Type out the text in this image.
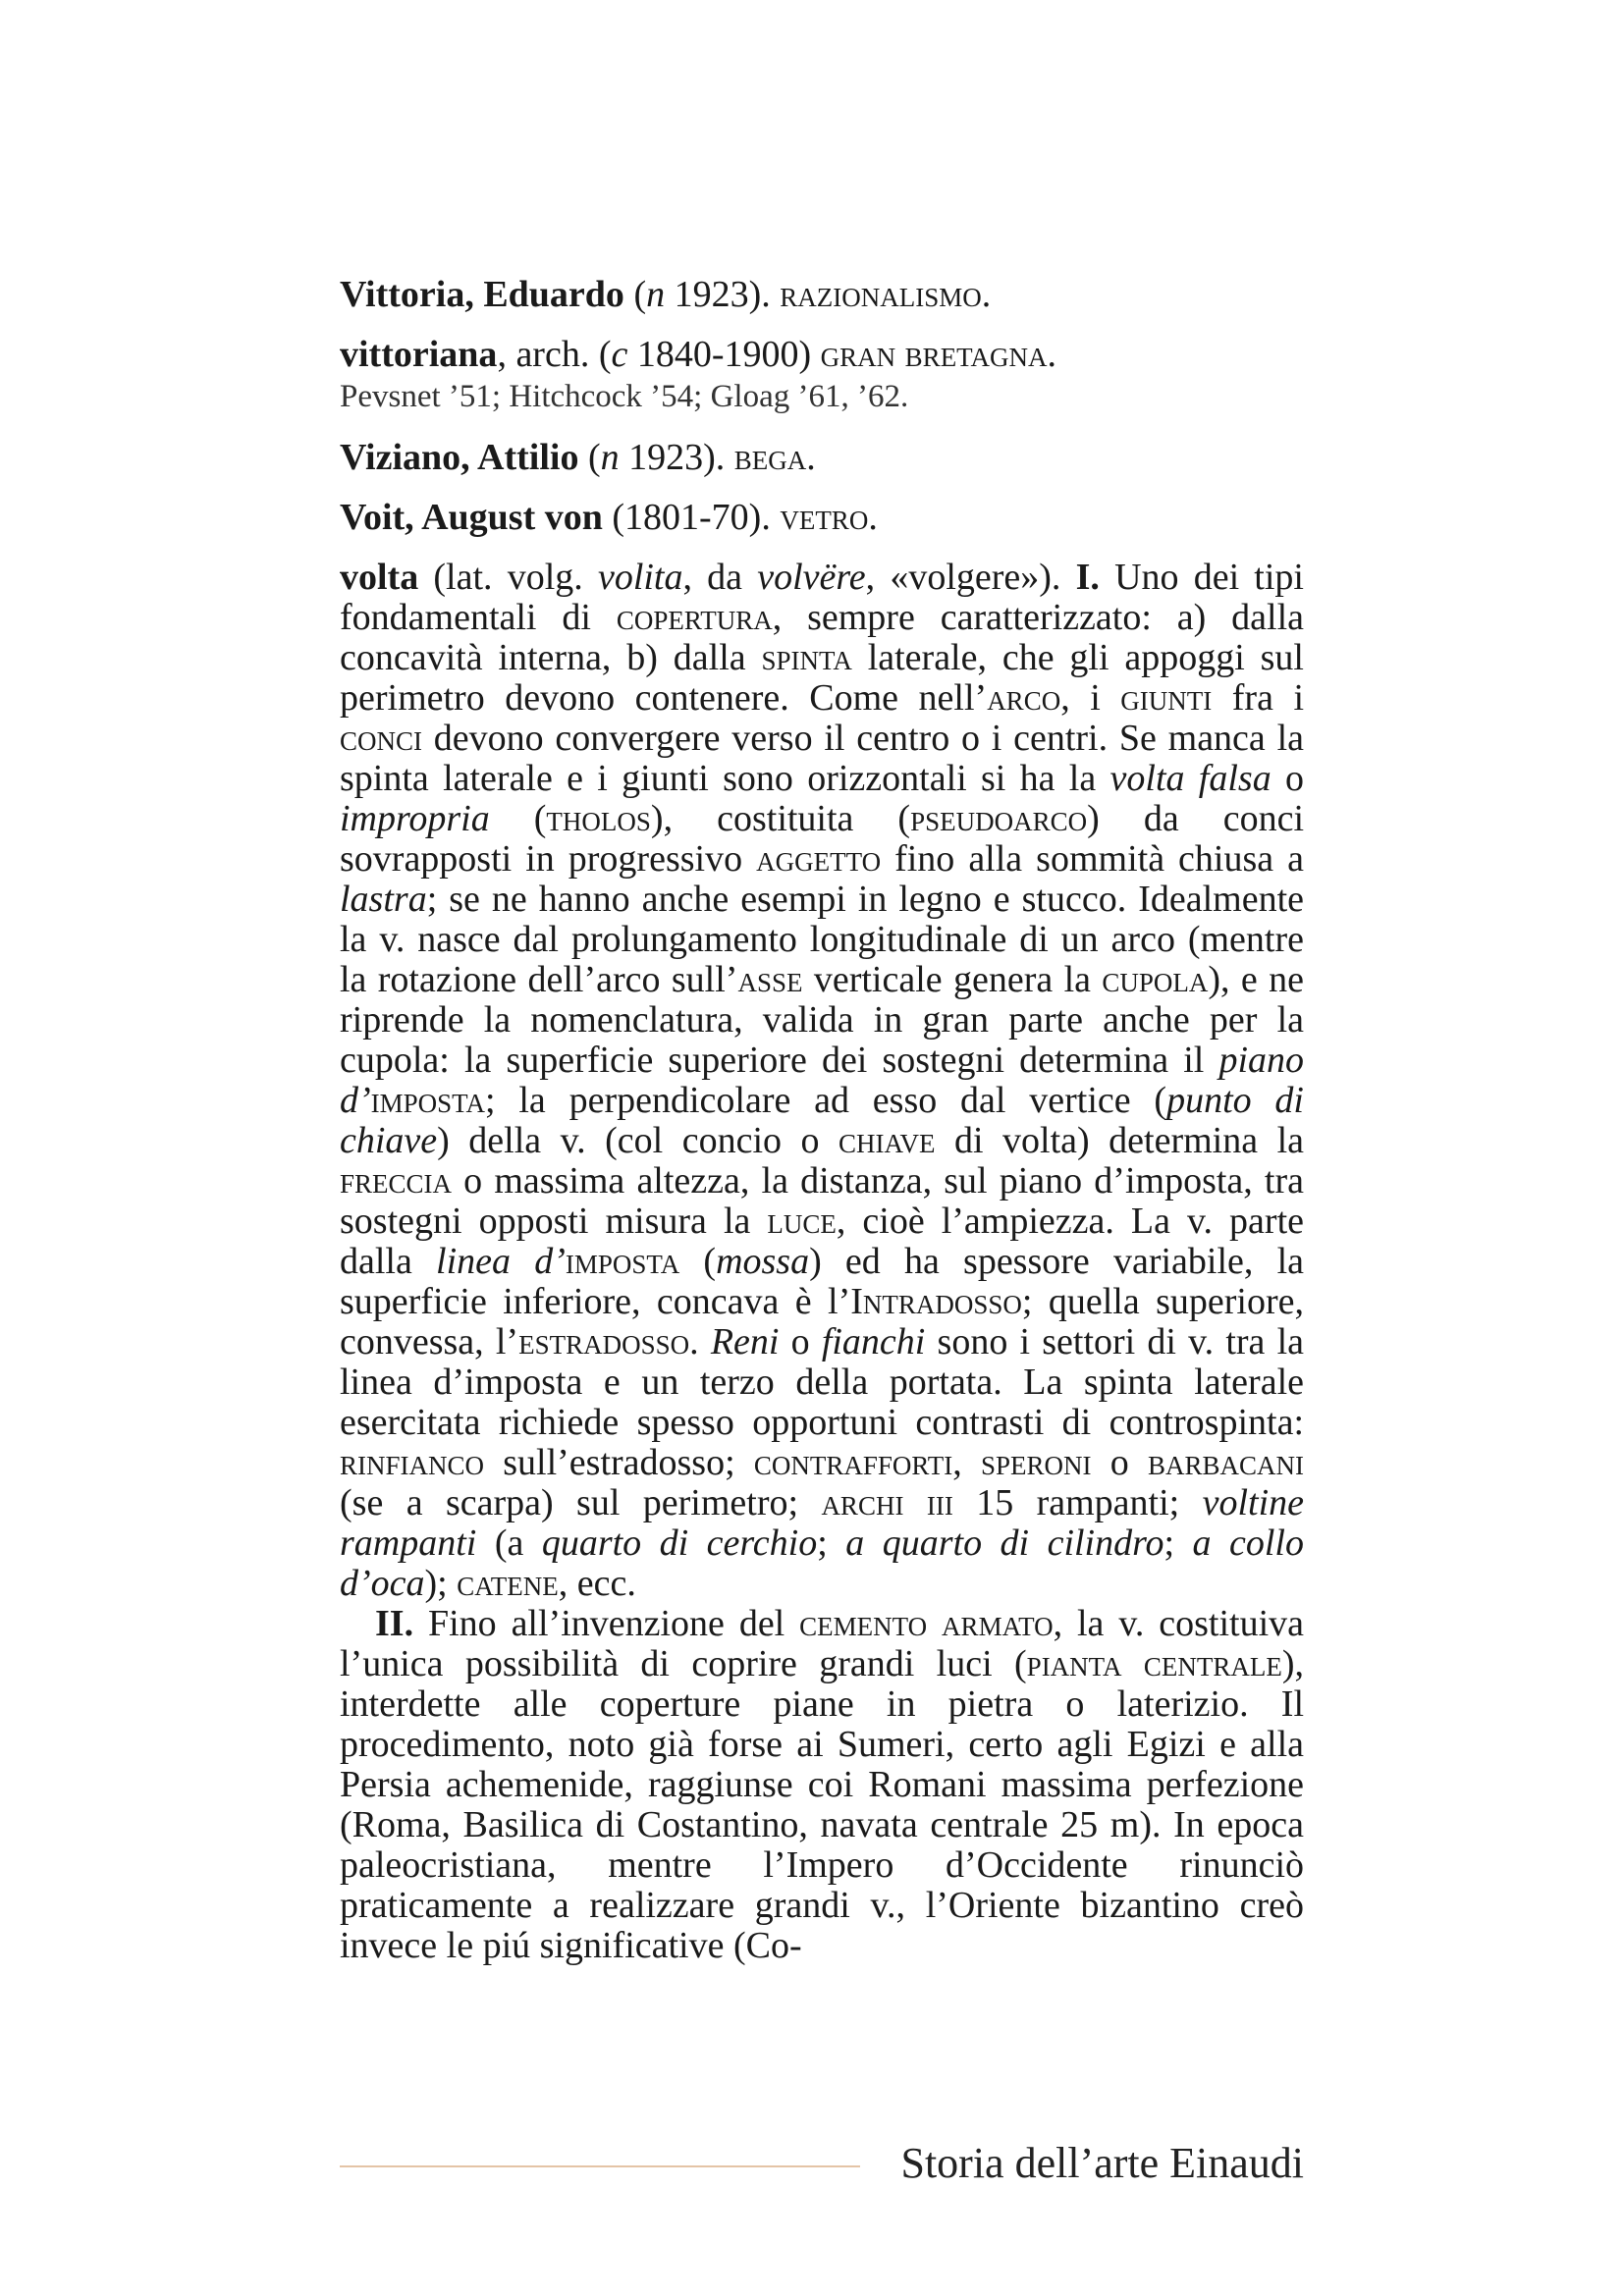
Vittoria, Eduardo (n 1923). razionalismo.
vittoriana, arch. (c 1840-1900) gran bretagna.
Pevsnet ’51; Hitchcock ’54; Gloag ’61, ’62.
Viziano, Attilio (n 1923). bega.
Voit, August von (1801-70). vetro.

volta (lat. volg. volita, da volvëre, «volgere»). I. Uno dei tipi fondamentali di copertura, sempre caratterizzato: a) dalla concavità interna, b) dalla spinta laterale, che gli appoggi sul perimetro devono contenere. Come nell’arco, i giunti fra i conci devono convergere verso il centro o i centri. Se manca la spinta laterale e i giunti sono orizzontali si ha la volta falsa o impropria (tholos), costituita (pseudoarco) da conci sovrapposti in progressivo aggetto fino alla sommità chiusa a lastra; se ne hanno anche esempi in legno e stucco. Idealmente la v. nasce dal prolungamento longitudinale di un arco (mentre la rotazione dell’arco sull’asse verticale genera la cupola), e ne riprende la nomenclatura, valida in gran parte anche per la cupola: la superficie superiore dei sostegni determina il piano d’imposta; la perpendicolare ad esso dal vertice (punto di chiave) della v. (col concio o chiave di volta) determina la freccia o massima altezza, la distanza, sul piano d’imposta, tra sostegni opposti misura la luce, cioè l’ampiezza. La v. parte dalla linea d’imposta (mossa) ed ha spessore variabile, la superficie inferiore, concava è l’Intradosso; quella superiore, convessa, l’estradosso. Reni o fianchi sono i settori di v. tra la linea d’imposta e un terzo della portata. La spinta laterale esercitata richiede spesso opportuni contrasti di controspinta: rinfianco sull’estradosso; contrafforti, speroni o barbacani (se a scarpa) sul perimetro; archi iii 15 rampanti; voltine rampanti (a quarto di cerchio; a quarto di cilindro; a collo d’oca); catene, ecc.

II. Fino all’invenzione del cemento armato, la v. costituiva l’unica possibilità di coprire grandi luci (pianta centrale), interdette alle coperture piane in pietra o laterizio. Il procedimento, noto già forse ai Sumeri, certo agli Egizi e alla Persia achemenide, raggiunse coi Romani massima perfezione (Roma, Basilica di Costantino, navata centrale 25 m). In epoca paleocristiana, mentre l’Impero d’Occidente rinunciò praticamente a realizzare grandi v., l’Oriente bizantino creò invece le piú significative (Co-

Storia dell’arte Einaudi
